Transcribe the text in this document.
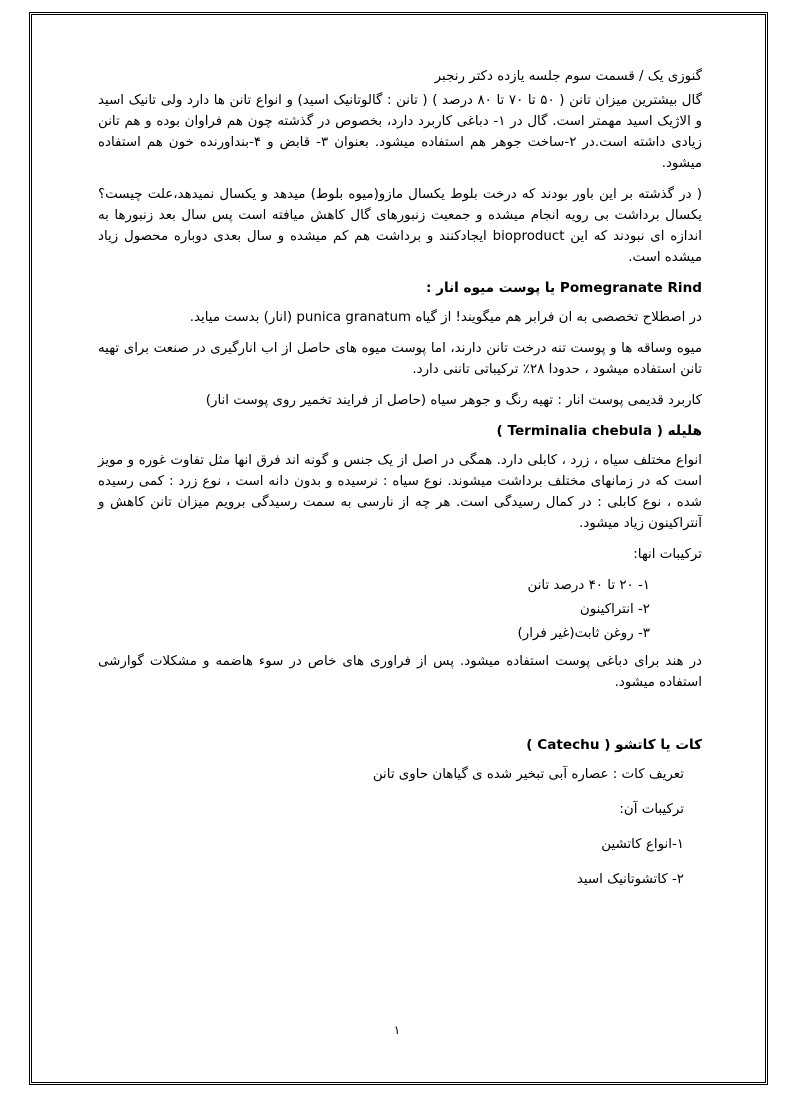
گنوزی یک / قسمت سوم جلسه یازده دکتر رنجبر

گال بیشترین میزان تانن ( ۵۰ تا ۷۰ تا ۸۰ درصد ) ( تانن : گالوتانیک اسید) و انواع تانن ها دارد ولی تانیک اسید و الاژیک اسید مهمتر است. گال در ۱- دباغی کاربرد دارد، بخصوص در گذشته چون هم فراوان بوده و هم تانن زیادی داشته است.در ۲-ساخت جوهر هم استفاده میشود. بعنوان ۳- قابض و ۴-بنداورنده خون هم استفاده میشود.

( در گذشته بر این باور بودند که درخت بلوط یکسال مازو(میوه بلوط) میدهد و یکسال نمیدهد،علت چیست؟ یکسال برداشت بی رویه انجام میشده و جمعیت زنبورهای گال کاهش میافته است پس سال بعد زنبورها به اندازه ای نبودند که این bioproduct ایجادکنند و برداشت هم کم میشده و سال بعدی دوباره محصول زیاد میشده است.

Pomegranate Rind یا پوست میوه انار :

در اصطلاح تخصصی به ان فرابر هم میگویند! از گیاه punica granatum (انار) بدست میاید.

میوه وساقه ها و پوست تنه درخت تانن دارند، اما پوست میوه های حاصل از اب انارگیری در صنعت برای تهیه تانن استفاده میشود ، حدودا ۲۸٪ ترکیباتی تاننی دارد.

کاربرد قدیمی پوست انار : تهیه رنگ و جوهر سیاه (حاصل از فرایند تخمیر روی پوست انار)

هلیله ( Terminalia chebula )

انواع مختلف سیاه ، زرد ، کابلی دارد. همگی در اصل از یک جنس و گونه اند فرق انها مثل تفاوت غوره و مویز است که در زمانهای مختلف برداشت میشوند. نوع سیاه : نرسیده و بدون دانه است ، نوع زرد : کمی رسیده شده ، نوع کابلی : در کمال رسیدگی است. هر چه از نارسی به سمت رسیدگی برویم میزان تانن کاهش و آنتراکینون زیاد میشود.

ترکیبات انها:

۱- ۲۰ تا ۴۰ درصد تانن
۲- انتراکینون
۳- روغن ثابت(غیر فرار)

در هند برای دباغی پوست استفاده میشود. پس از فراوری های خاص در سوء هاضمه و مشکلات گوارشی استفاده میشود.

کات یا کاتشو ( Catechu )
تعریف کات : عصاره آبی تبخیر شده ی گیاهان حاوی تانن
ترکیبات آن:
۱-انواع کاتشین
۲- کاتشوتانیک اسید
۱
